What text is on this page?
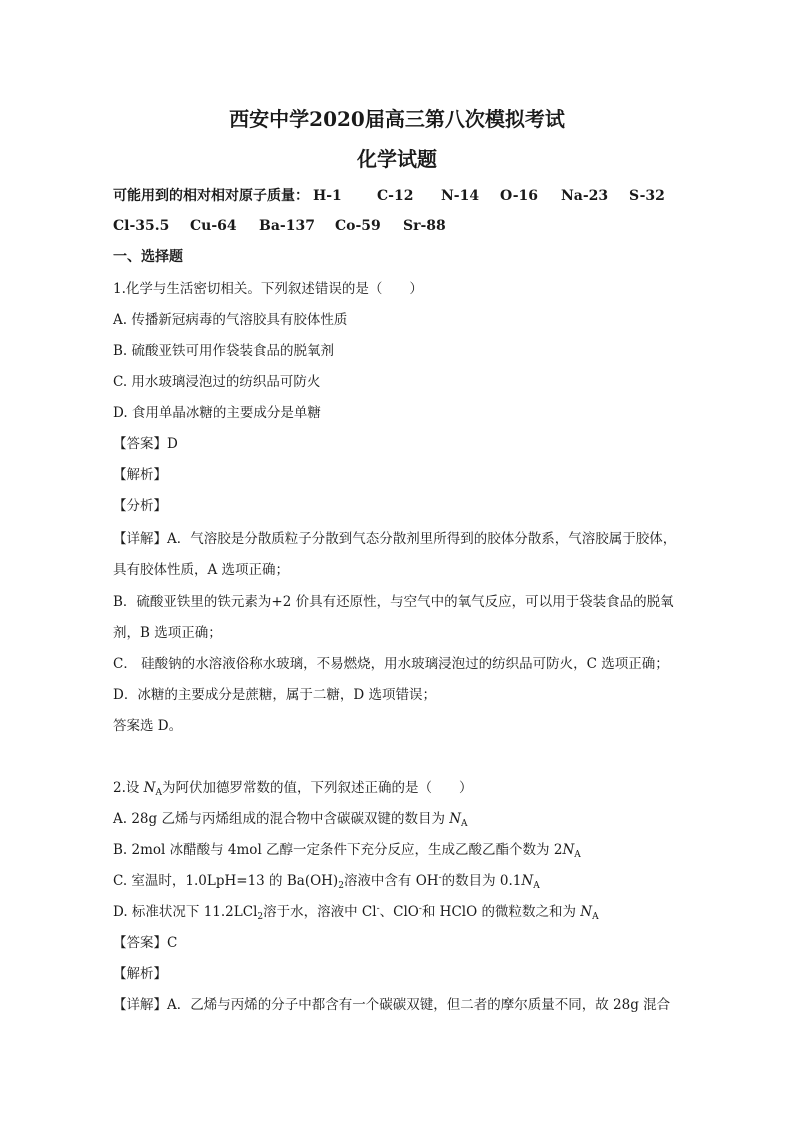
西安中学2020届高三第八次模拟考试
化学试题
可能用到的相对相对原子质量： H-1	C-12 N-14 O-16 Na-23 S-32
Cl-35.5 Cu-64 Ba-137 Co-59 Sr-88
一、选择题
1.化学与生活密切相关。下列叙述错误的是（　　）
A. 传播新冠病毒的气溶胶具有胶体性质
B. 硫酸亚铁可用作袋装食品的脱氧剂
C. 用水玻璃浸泡过的纺织品可防火
D. 食用单晶冰糖的主要成分是单糖
【答案】D
【解析】
【分析】
【详解】A．气溶胶是分散质粒子分散到气态分散剂里所得到的胶体分散系，气溶胶属于胶体，
具有胶体性质，A 选项正确；
B．硫酸亚铁里的铁元素为+2 价具有还原性，与空气中的氧气反应，可以用于袋装食品的脱氧
剂，B 选项正确；
C． 硅酸钠的水溶液俗称水玻璃，不易燃烧，用水玻璃浸泡过的纺织品可防火，C 选项正确；
D．冰糖的主要成分是蔗糖，属于二糖，D 选项错误；
答案选 D。
2.设 $N_A$为阿伏加德罗常数的值，下列叙述正确的是（　　）
A. 28g 乙烯与丙烯组成的混合物中含碳碳双键的数目为 $N_A$
B. 2mol 冰醋酸与 4mol 乙醇一定条件下充分反应，生成乙酸乙酯个数为 $2N_A$
C. 室温时，1.0LpH=13 的 $Ba(OH)_2$溶液中含有 OH-的数目为 $0.1N_A$
D. 标准状况下 11.2LCl$_2$溶于水，溶液中 Cl-、ClO-和 HClO 的微粒数之和为 $N_A$
【答案】C
【解析】
【详解】A．乙烯与丙烯的分子中都含有一个碳碳双键，但二者的摩尔质量不同，故 28g 混合
